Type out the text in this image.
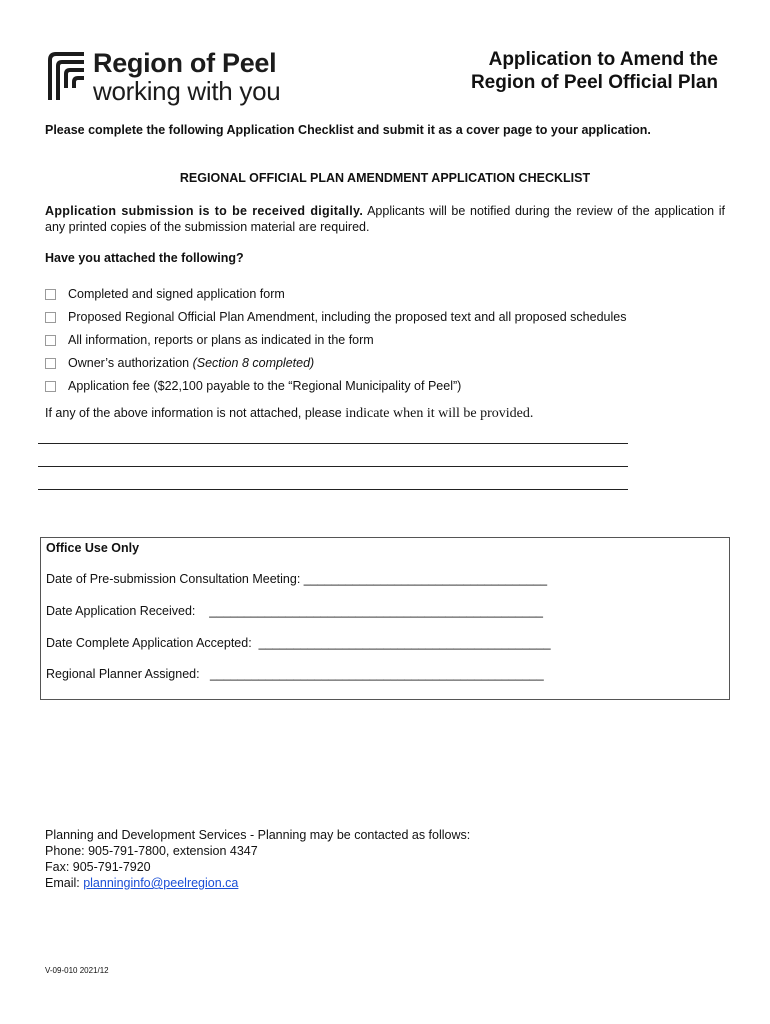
Region of Peel
working with you
Application to Amend the
Region of Peel Official Plan
Please complete the following Application Checklist and submit it as a cover page to your application.
REGIONAL OFFICIAL PLAN AMENDMENT APPLICATION CHECKLIST
Application submission is to be received digitally. Applicants will be notified during the review of the application if any printed copies of the submission material are required.
Have you attached the following?
Completed and signed application form
Proposed Regional Official Plan Amendment, including the proposed text and all proposed schedules
All information, reports or plans as indicated in the form
Owner’s authorization (Section 8 completed)
Application fee ($22,100 payable to the “Regional Municipality of Peel”)
If any of the above information is not attached, please indicate when it will be provided.
Office Use Only
Date of Pre-submission Consultation Meeting: ___________________________________
Date Application Received:    ________________________________________________
Date Complete Application Accepted:  __________________________________________
Regional Planner Assigned:   ________________________________________________
Planning and Development Services - Planning may be contacted as follows:
Phone: 905-791-7800, extension 4347
Fax: 905-791-7920
Email: planninginfo@peelregion.ca
V-09-010 2021/12
